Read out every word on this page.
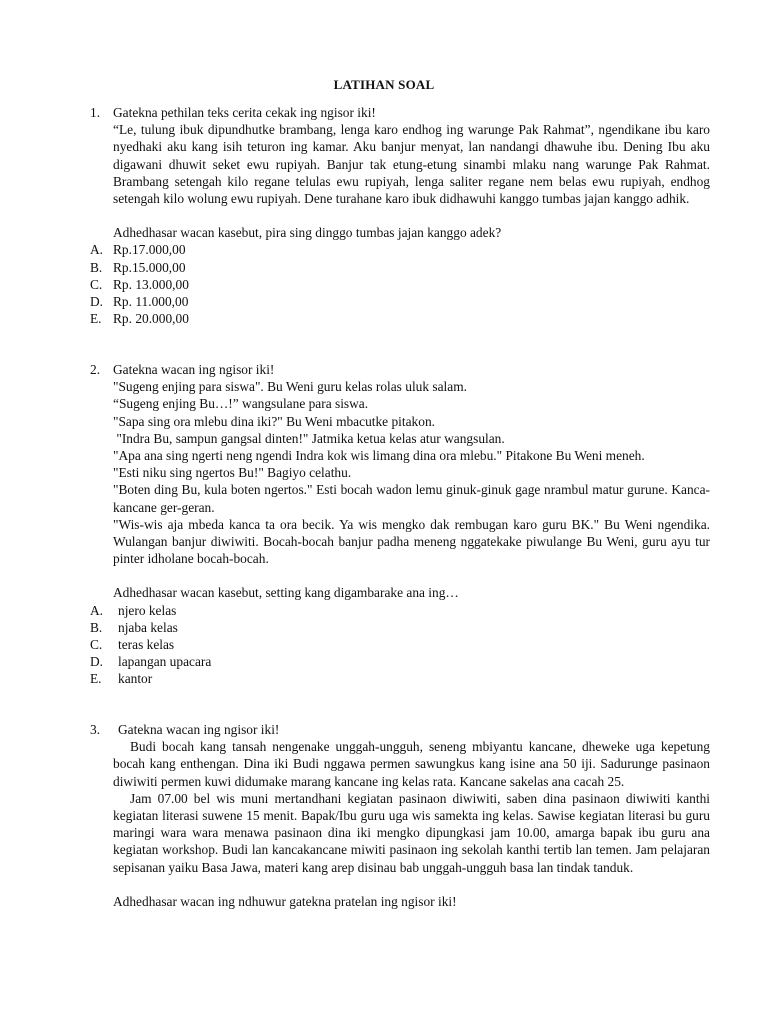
LATIHAN SOAL
1. Gatekna pethilan teks cerita cekak ing ngisor iki!
“Le, tulung ibuk dipundhutke brambang, lenga karo endhog ing warunge Pak Rahmat”, ngendikane ibu karo nyedhaki aku kang isih teturon ing kamar. Aku banjur menyat, lan nandangi dhawuhe ibu. Dening Ibu aku digawani dhuwit seket ewu rupiyah. Banjur tak etung-etung sinambi mlaku nang warunge Pak Rahmat. Brambang setengah kilo regane telulas ewu rupiyah, lenga saliter regane nem belas ewu rupiyah, endhog setengah kilo wolung ewu rupiyah. Dene turahane karo ibuk didhawuhi kanggo tumbas jajan kanggo adhik.
Adhedhasar wacan kasebut, pira sing dinggo tumbas jajan kanggo adek?
A. Rp.17.000,00
B. Rp.15.000,00
C. Rp. 13.000,00
D. Rp. 11.000,00
E. Rp. 20.000,00
2. Gatekna wacan ing ngisor iki!
"Sugeng enjing para siswa". Bu Weni guru kelas rolas uluk salam.
“Sugeng enjing Bu…!” wangsulane para siswa.
"Sapa sing ora mlebu dina iki?" Bu Weni mbacutke pitakon.
"Indra Bu, sampun gangsal dinten!" Jatmika ketua kelas atur wangsulan.
"Apa ana sing ngerti neng ngendi Indra kok wis limang dina ora mlebu." Pitakone Bu Weni meneh.
"Esti niku sing ngertos Bu!" Bagiyo celathu.
"Boten ding Bu, kula boten ngertos." Esti bocah wadon lemu ginuk-ginuk gage nrambul matur gurune. Kanca-kancane ger-geran.
"Wis-wis aja mbeda kanca ta ora becik. Ya wis mengko dak rembugan karo guru BK." Bu Weni ngendika. Wulangan banjur diwiwiti. Bocah-bocah banjur padha meneng nggatekake piwulange Bu Weni, guru ayu tur pinter idholane bocah-bocah.
Adhedhasar wacan kasebut, setting kang digambarake ana ing…
A.	njero kelas
B.	njaba kelas
C.	teras kelas
D.	lapangan upacara
E.	kantor
3.	Gatekna wacan ing ngisor iki!

Budi bocah kang tansah nengenake unggah-ungguh, seneng mbiyantu kancane, dheweke uga kepetung bocah kang enthengan. Dina iki Budi nggawa permen sawungkus kang isine ana 50 iji. Sadurunge pasinaon diwiwiti permen kuwi didumake marang kancane ing kelas rata. Kancane sakelas ana cacah 25.

Jam 07.00 bel wis muni mertandhani kegiatan pasinaon diwiwiti, saben dina pasinaon diwiwiti kanthi kegiatan literasi suwene 15 menit. Bapak/Ibu guru uga wis samekta ing kelas. Sawise kegiatan literasi bu guru maringi wara wara menawa pasinaon dina iki mengko dipungkasi jam 10.00, amarga bapak ibu guru ana kegiatan workshop. Budi lan kancakancane miwiti pasinaon ing sekolah kanthi tertib lan temen. Jam pelajaran sepisanan yaiku Basa Jawa, materi kang arep disinau bab unggah-ungguh basa lan tindak tanduk.

Adhedhasar wacan ing ndhuwur gatekna pratelan ing ngisor iki!
